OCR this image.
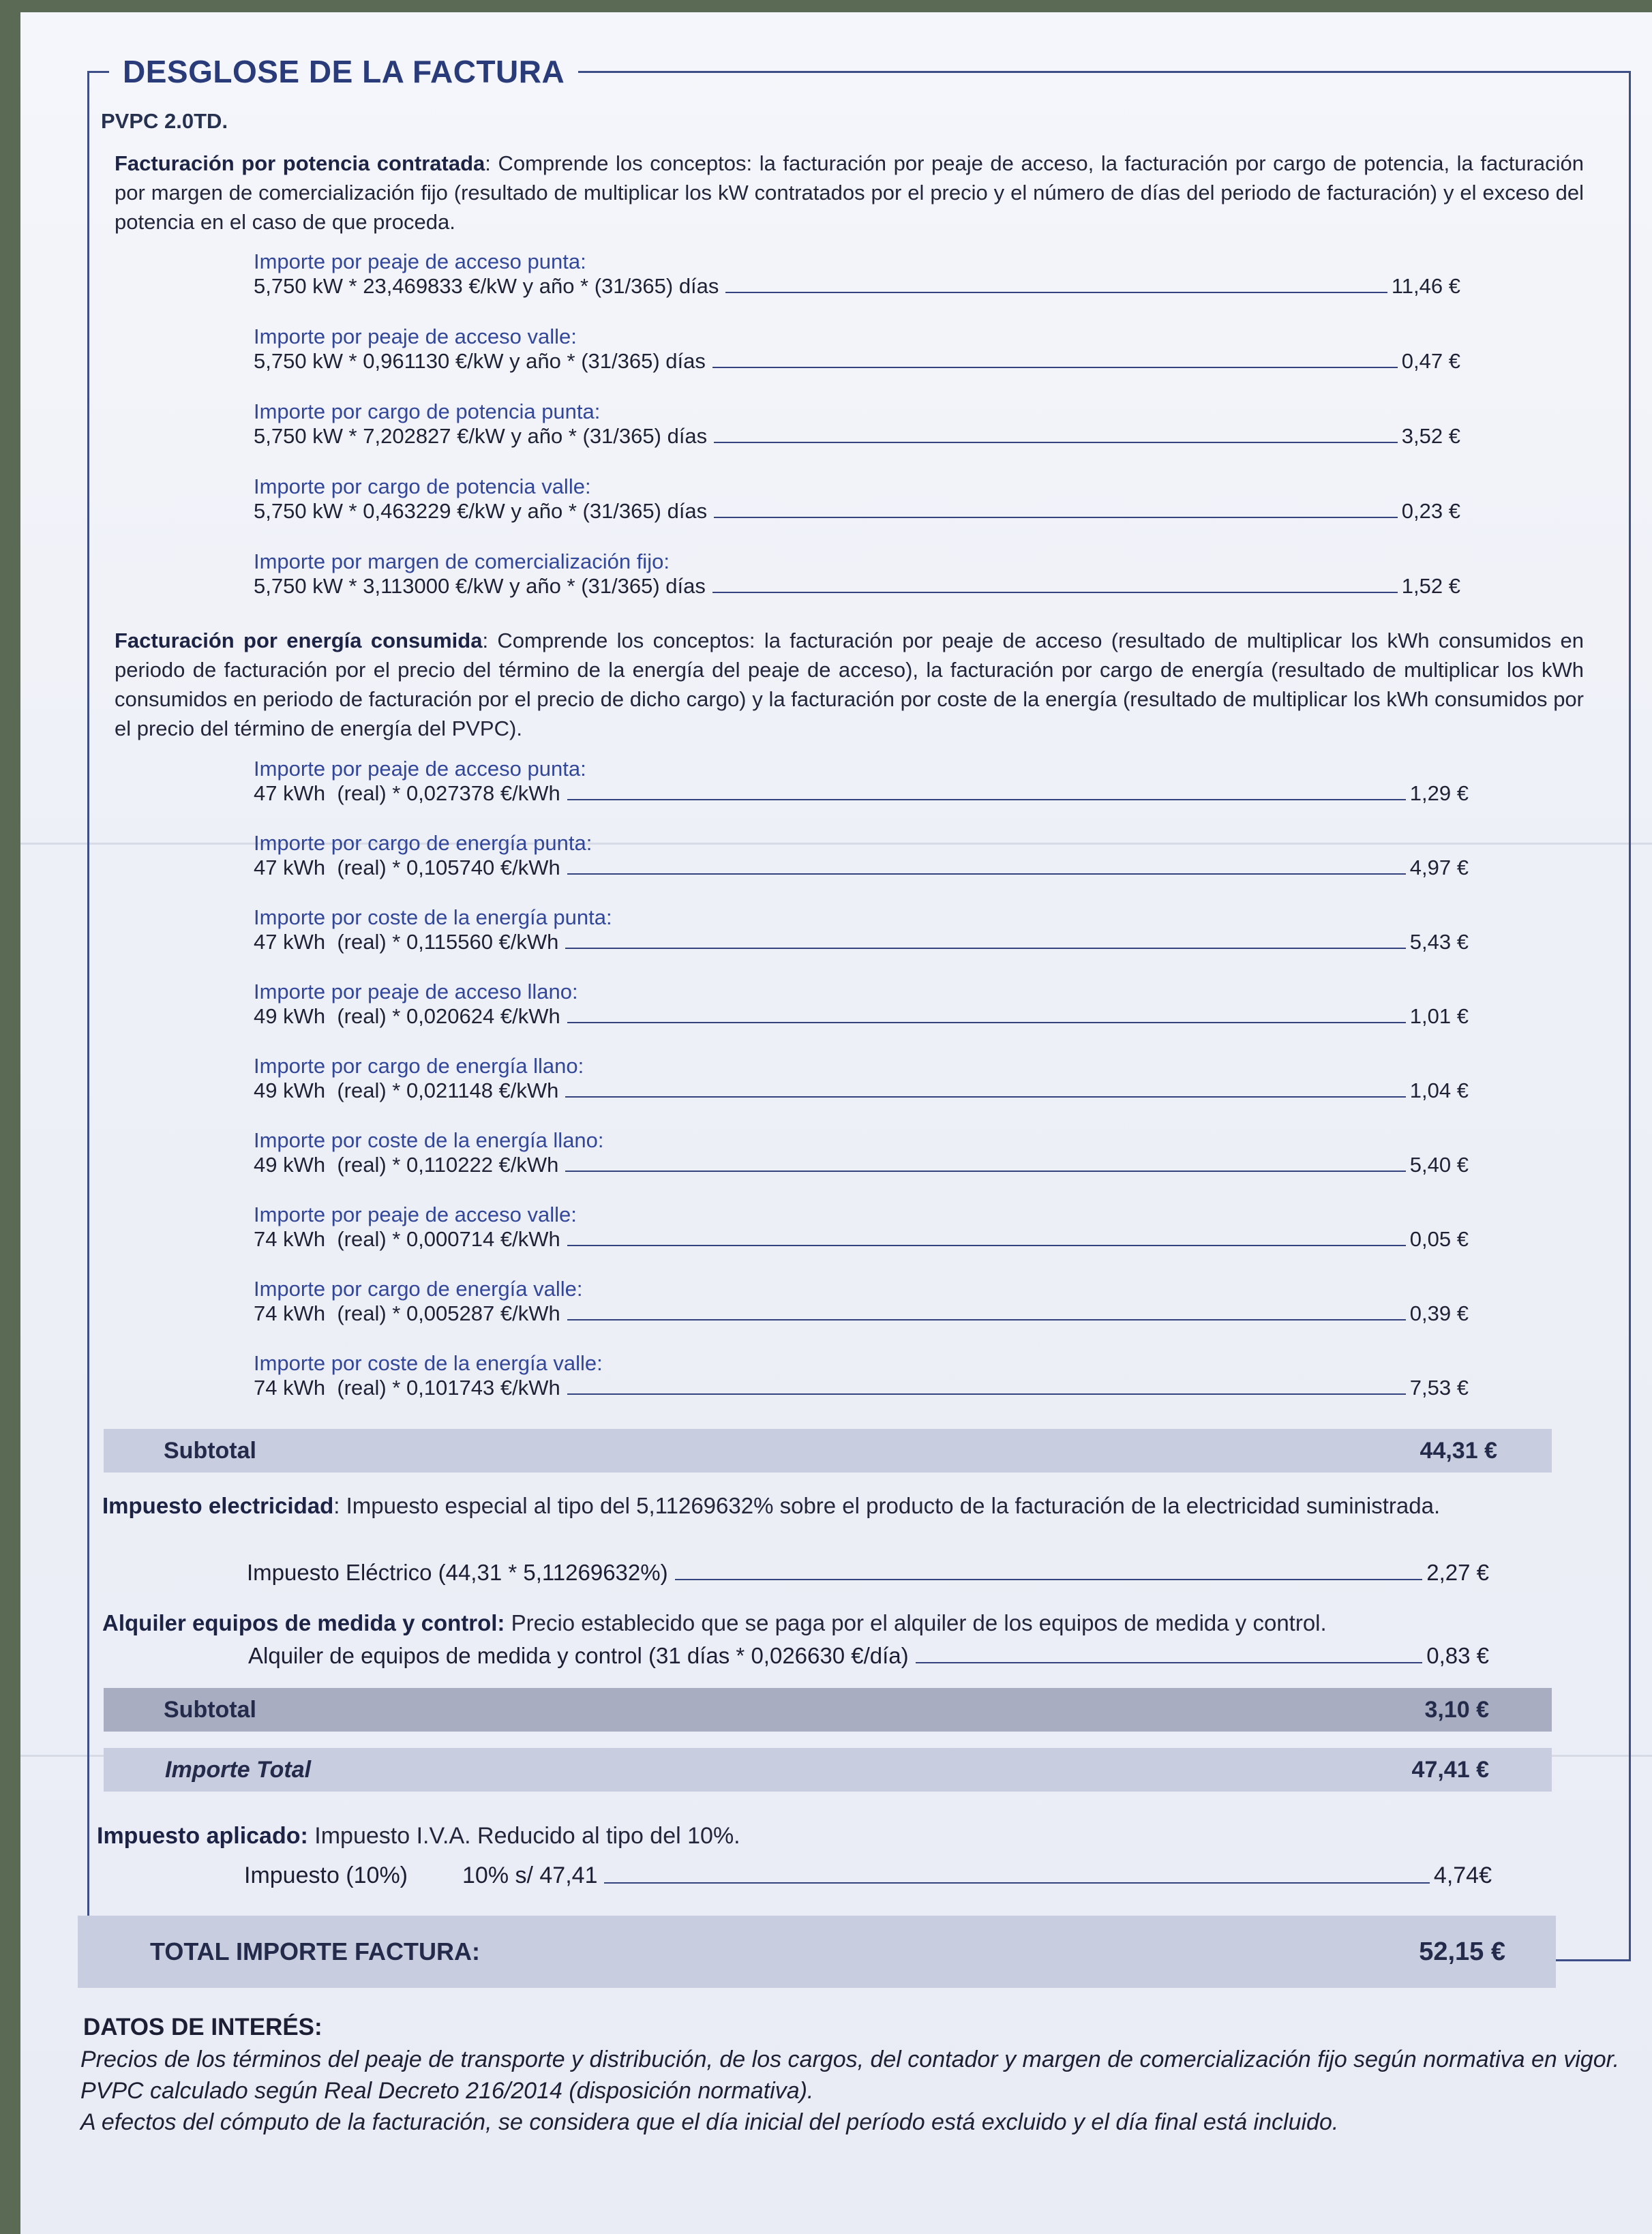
DESGLOSE DE LA FACTURA
PVPC 2.0TD.
Facturación por potencia contratada: Comprende los conceptos: la facturación por peaje de acceso, la facturación por cargo de potencia, la facturación por margen de comercialización fijo (resultado de multiplicar los kW contratados por el precio y el número de días del periodo de facturación) y el exceso del potencia en el caso de que proceda.
Importe por peaje de acceso punta:
5,750 kW * 23,469833 €/kW y año * (31/365) días	11,46 €
Importe por peaje de acceso valle:
5,750 kW * 0,961130 €/kW y año * (31/365) días	0,47 €
Importe por cargo de potencia punta:
5,750 kW * 7,202827 €/kW y año * (31/365) días	3,52 €
Importe por cargo de potencia valle:
5,750 kW * 0,463229 €/kW y año * (31/365) días	0,23 €
Importe por margen de comercialización fijo:
5,750 kW * 3,113000 €/kW y año * (31/365) días	1,52 €
Facturación por energía consumida: Comprende los conceptos: la facturación por peaje de acceso (resultado de multiplicar los kWh consumidos en periodo de facturación por el precio del término de la energía del peaje de acceso), la facturación por cargo de energía (resultado de multiplicar los kWh consumidos en periodo de facturación por el precio de dicho cargo) y la facturación por coste de la energía (resultado de multiplicar los kWh consumidos por el precio del término de energía del PVPC).
Importe por peaje de acceso punta:
47 kWh  (real) * 0,027378 €/kWh	1,29 €
Importe por cargo de energía punta:
47 kWh  (real) * 0,105740 €/kWh	4,97 €
Importe por coste de la energía punta:
47 kWh  (real) * 0,115560 €/kWh	5,43 €
Importe por peaje de acceso llano:
49 kWh  (real) * 0,020624 €/kWh	1,01 €
Importe por cargo de energía llano:
49 kWh  (real) * 0,021148 €/kWh	1,04 €
Importe por coste de la energía llano:
49 kWh  (real) * 0,110222 €/kWh	5,40 €
Importe por peaje de acceso valle:
74 kWh  (real) * 0,000714 €/kWh	0,05 €
Importe por cargo de energía valle:
74 kWh  (real) * 0,005287 €/kWh	0,39 €
Importe por coste de la energía valle:
74 kWh  (real) * 0,101743 €/kWh	7,53 €
Subtotal	44,31 €
Impuesto electricidad: Impuesto especial al tipo del 5,11269632% sobre el producto de la facturación de la electricidad suministrada.
Impuesto Eléctrico (44,31 * 5,11269632%)	2,27 €
Alquiler equipos de medida y control: Precio establecido que se paga por el alquiler de los equipos de medida y control.
Alquiler de equipos de medida y control (31 días * 0,026630 €/día)	0,83 €
Subtotal	3,10 €
Importe Total	47,41 €
Impuesto aplicado: Impuesto I.V.A. Reducido al tipo del 10%.
Impuesto (10%) 10% s/ 47,41	4,74€
TOTAL IMPORTE FACTURA:	52,15 €
DATOS DE INTERÉS:
Precios de los términos del peaje de transporte y distribución, de los cargos, del contador y margen de comercialización fijo según normativa en vigor.
PVPC calculado según Real Decreto 216/2014 (disposición normativa).
A efectos del cómputo de la facturación, se considera que el día inicial del período está excluido y el día final está incluido.
